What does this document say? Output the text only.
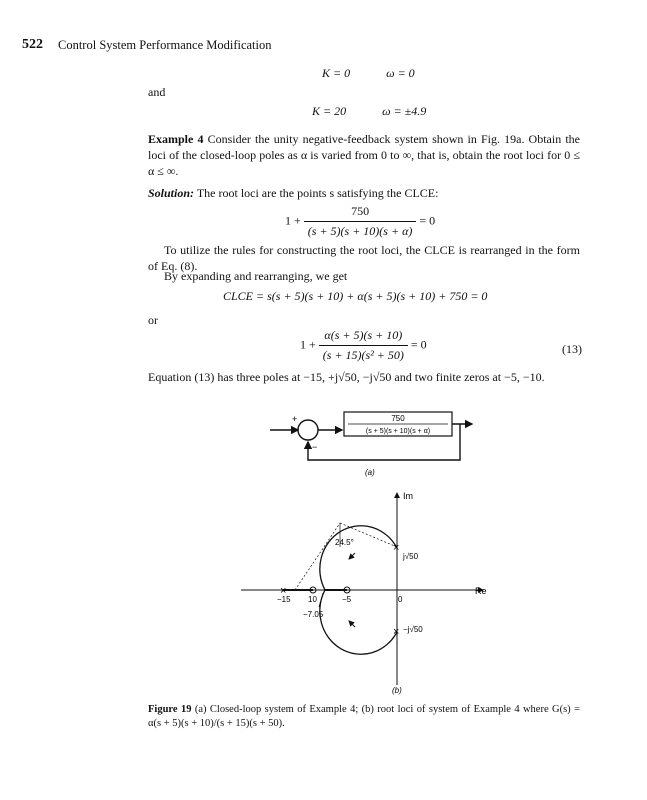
522 Control System Performance Modification
K = 0	ω = 0
and
K = 20	ω = ±4.9
Example 4 Consider the unity negative-feedback system shown in Fig. 19a. Obtain the loci of the closed-loop poles as α is varied from 0 to ∞, that is, obtain the root loci for 0 ≤ α ≤ ∞.
Solution: The root loci are the points s satisfying the CLCE:
$1 + \frac{750}{(s + 5)(s + 10)(s + \alpha)} = 0$
To utilize the rules for constructing the root loci, the CLCE is rearranged in the form of Eq. (8).
By expanding and rearranging, we get
CLCE = s(s + 5)(s + 10) + α(s + 5)(s + 10) + 750 = 0
or
$1 + \frac{\alpha(s + 5)(s + 10)}{\text{(s + 15)(s² + 50)}} = 0$	(13)
Equation (13) has three poles at −15, +j√50, −j√50 and two finite zeros at −5, −10.
+
−
750
(s + 5)(s + 10)(s + α)
(a)
Im
Re
24.5°	×
×
×
j√50
−j√50
−15 10	−5	0
−7.05
(b)
Figure 19 (a) Closed-loop system of Example 4; (b) root loci of system of Example 4 where G(s) = α(s + 5)(s + 10)/(s + 15)(s + 50).
